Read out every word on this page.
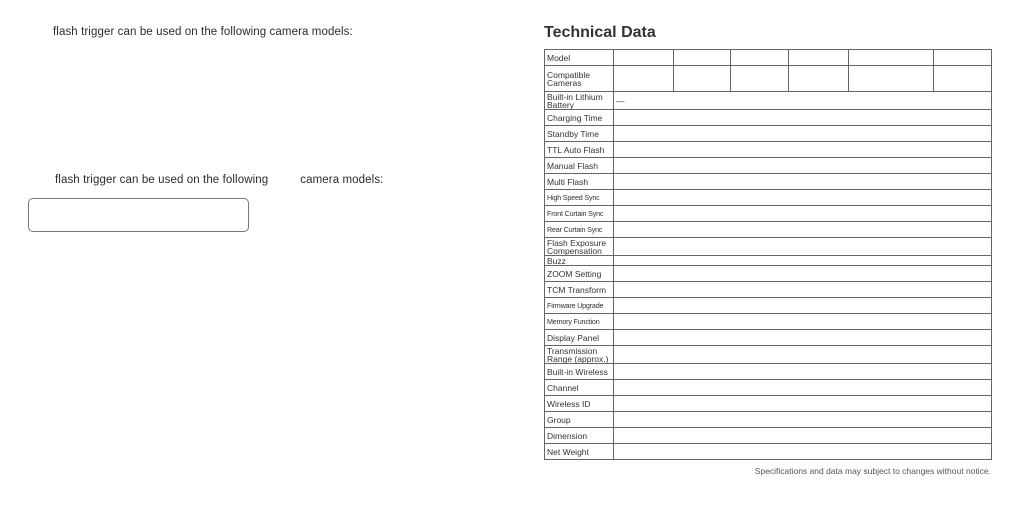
flash trigger can be used on the following camera models:
flash trigger can be used on the following	camera models:
Technical Data
Model						
Compatible Cameras						
Built-in Lithium Battery	—					
Charging Time						
Standby Time						
TTL Auto Flash						
Manual Flash						
Multi Flash						
High Speed Sync						
Front Curtain Sync						
Rear Curtain Sync						
Flash Exposure Compensation						
Buzz						
ZOOM Setting						
TCM Transform						
Firmware Upgrade						
Memory Function						
Display Panel						
Transmission Range (approx.)						
Built-in Wireless						
Channel						
Wireless ID						
Group						
Dimension						
Net Weight						
Specifications and data may subject to changes without notice.
